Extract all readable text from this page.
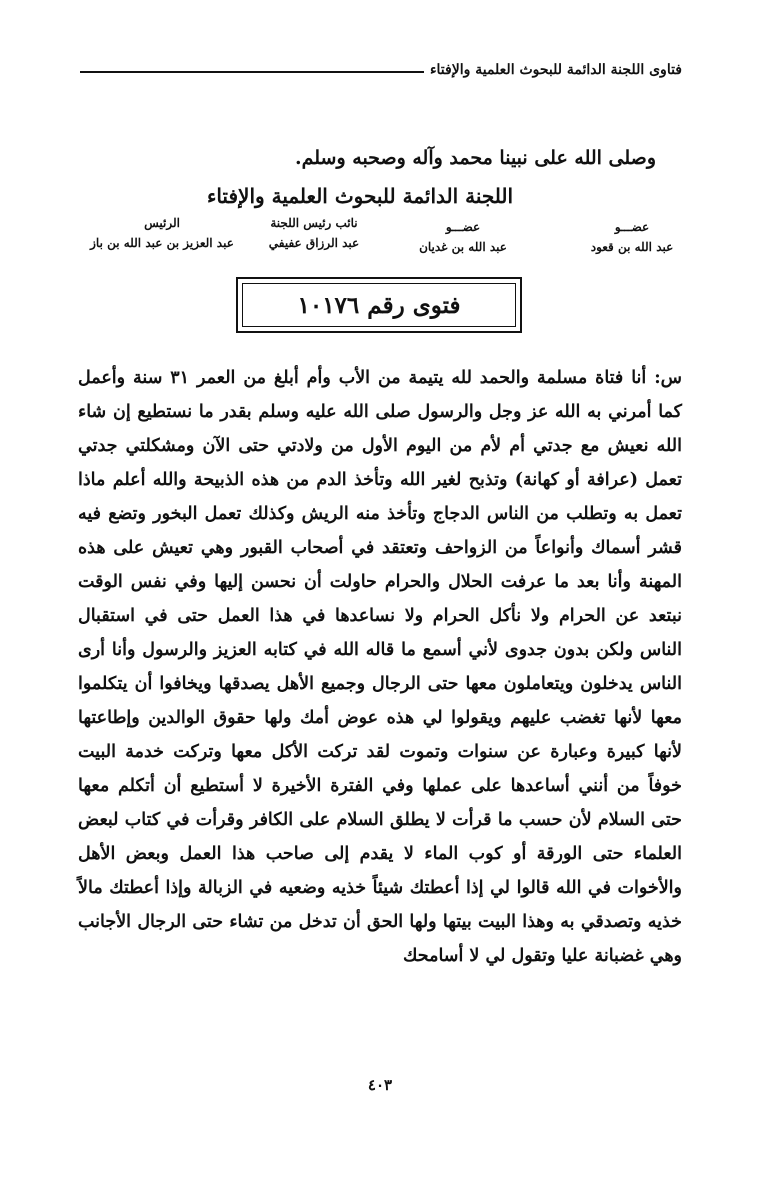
فتاوى اللجنة الدائمة للبحوث العلمية والإفتاء
وصلى الله على نبينا محمد وآله وصحبه وسلم.
اللجنة الدائمة للبحوث العلمية والإفتاء
عضـــو
عبد الله بن قعود
عضـــو
عبد الله بن غديان
نائب رئيس اللجنة
عبد الرزاق عفيفي
الرئيس
عبد العزيز بن عبد الله بن باز
فتوى رقم ١٠١٧٦
س: أنا فتاة مسلمة والحمد لله يتيمة من الأب وأم أبلغ من العمر ٣١ سنة وأعمل كما أمرني به الله عز وجل والرسول صلى الله عليه وسلم بقدر ما نستطيع إن شاء الله نعيش مع جدتي أم لأم من اليوم الأول من ولادتي حتى الآن ومشكلتي جدتي تعمل (عرافة أو كهانة) وتذبح لغير الله وتأخذ الدم من هذه الذبيحة والله أعلم ماذا تعمل به وتطلب من الناس الدجاج وتأخذ منه الريش وكذلك تعمل البخور وتضع فيه قشر أسماك وأنواعاً من الزواحف وتعتقد في أصحاب القبور وهي تعيش على هذه المهنة وأنا بعد ما عرفت الحلال والحرام حاولت أن نحسن إليها وفي نفس الوقت نبتعد عن الحرام ولا نأكل الحرام ولا نساعدها في هذا العمل حتى في استقبال الناس ولكن بدون جدوى لأني أسمع ما قاله الله في كتابه العزيز والرسول وأنا أرى الناس يدخلون ويتعاملون معها حتى الرجال وجميع الأهل يصدقها ويخافوا أن يتكلموا معها لأنها تغضب عليهم ويقولوا لي هذه عوض أمك ولها حقوق الوالدين وإطاعتها لأنها كبيرة وعبارة عن سنوات وتموت لقد تركت الأكل معها وتركت خدمة البيت خوفاً من أنني أساعدها على عملها وفي الفترة الأخيرة لا أستطيع أن أتكلم معها حتى السلام لأن حسب ما قرأت لا يطلق السلام على الكافر وقرأت في كتاب لبعض العلماء حتى الورقة أو كوب الماء لا يقدم إلى صاحب هذا العمل وبعض الأهل والأخوات في الله قالوا لي إذا أعطتك شيئاً خذيه وضعيه في الزبالة وإذا أعطتك مالاً خذيه وتصدقي به وهذا البيت بيتها ولها الحق أن تدخل من تشاء حتى الرجال الأجانب وهي غضبانة عليا وتقول لي لا أسامحك
٤٠٣
